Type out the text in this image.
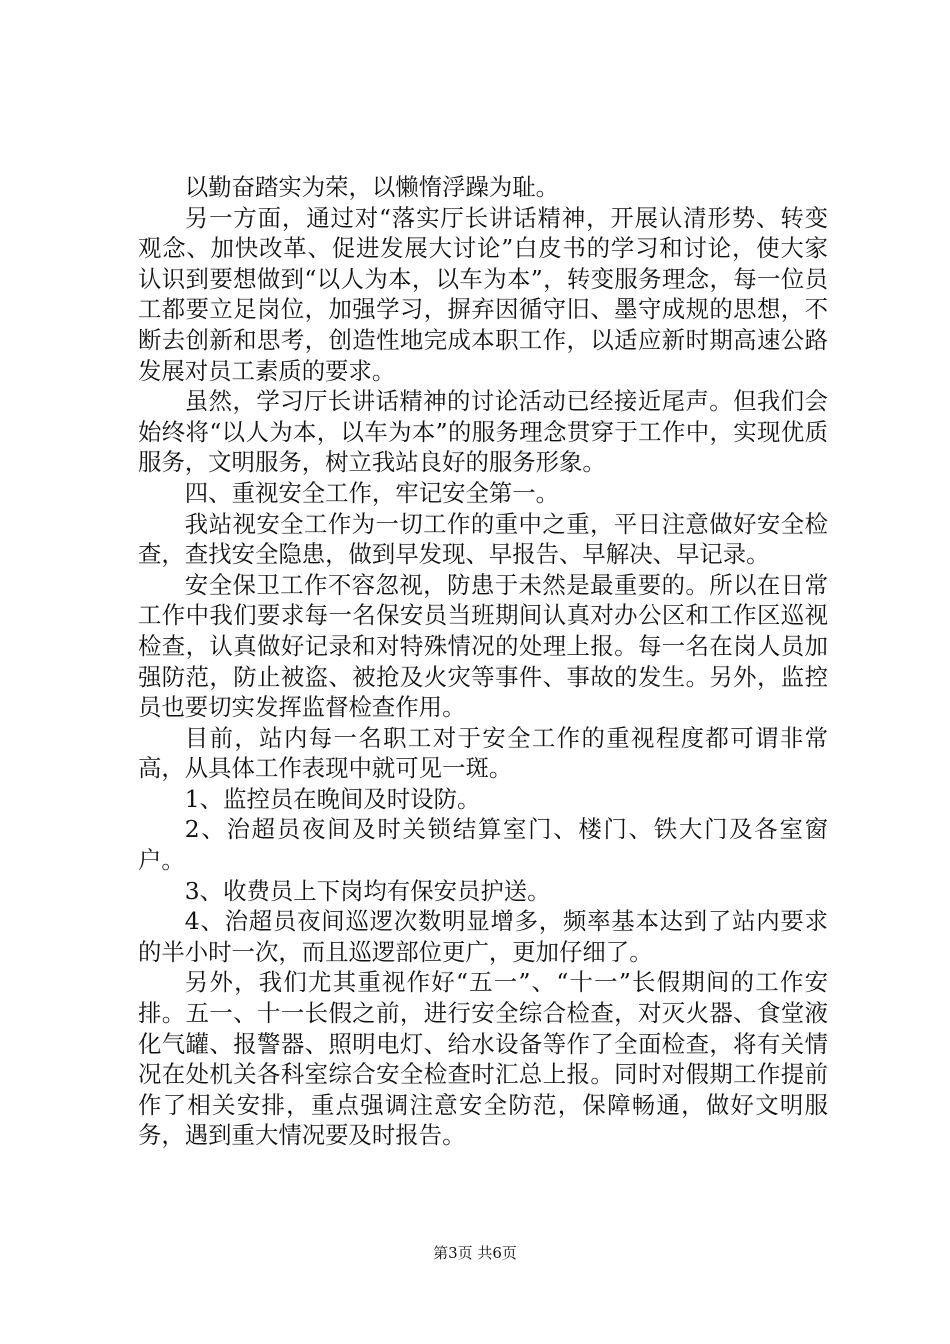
以勤奋踏实为荣，以懒惰浮躁为耻。

另一方面，通过对“落实厅长讲话精神，开展认清形势、转变观念、加快改革、促进发展大讨论”白皮书的学习和讨论，使大家认识到要想做到“以人为本，以车为本”，转变服务理念，每一位员工都要立足岗位，加强学习，摒弃因循守旧、墨守成规的思想，不断去创新和思考，创造性地完成本职工作，以适应新时期高速公路发展对员工素质的要求。

虽然，学习厅长讲话精神的讨论活动已经接近尾声。但我们会始终将“以人为本，以车为本”的服务理念贯穿于工作中，实现优质服务，文明服务，树立我站良好的服务形象。

四、重视安全工作，牢记安全第一。

我站视安全工作为一切工作的重中之重，平日注意做好安全检查，查找安全隐患，做到早发现、早报告、早解决、早记录。

安全保卫工作不容忽视，防患于未然是最重要的。所以在日常工作中我们要求每一名保安员当班期间认真对办公区和工作区巡视检查，认真做好记录和对特殊情况的处理上报。每一名在岗人员加强防范，防止被盗、被抢及火灾等事件、事故的发生。另外，监控员也要切实发挥监督检查作用。

目前，站内每一名职工对于安全工作的重视程度都可谓非常高，从具体工作表现中就可见一斑。

1、监控员在晚间及时设防。

2、治超员夜间及时关锁结算室门、楼门、铁大门及各室窗户。

3、收费员上下岗均有保安员护送。

4、治超员夜间巡逻次数明显增多，频率基本达到了站内要求的半小时一次，而且巡逻部位更广，更加仔细了。

另外，我们尤其重视作好“五一”、“十一”长假期间的工作安排。五一、十一长假之前，进行安全综合检查，对灭火器、食堂液化气罐、报警器、照明电灯、给水设备等作了全面检查，将有关情况在处机关各科室综合安全检查时汇总上报。同时对假期工作提前作了相关安排，重点强调注意安全防范，保障畅通，做好文明服务，遇到重大情况要及时报告。

第3页 共6页
